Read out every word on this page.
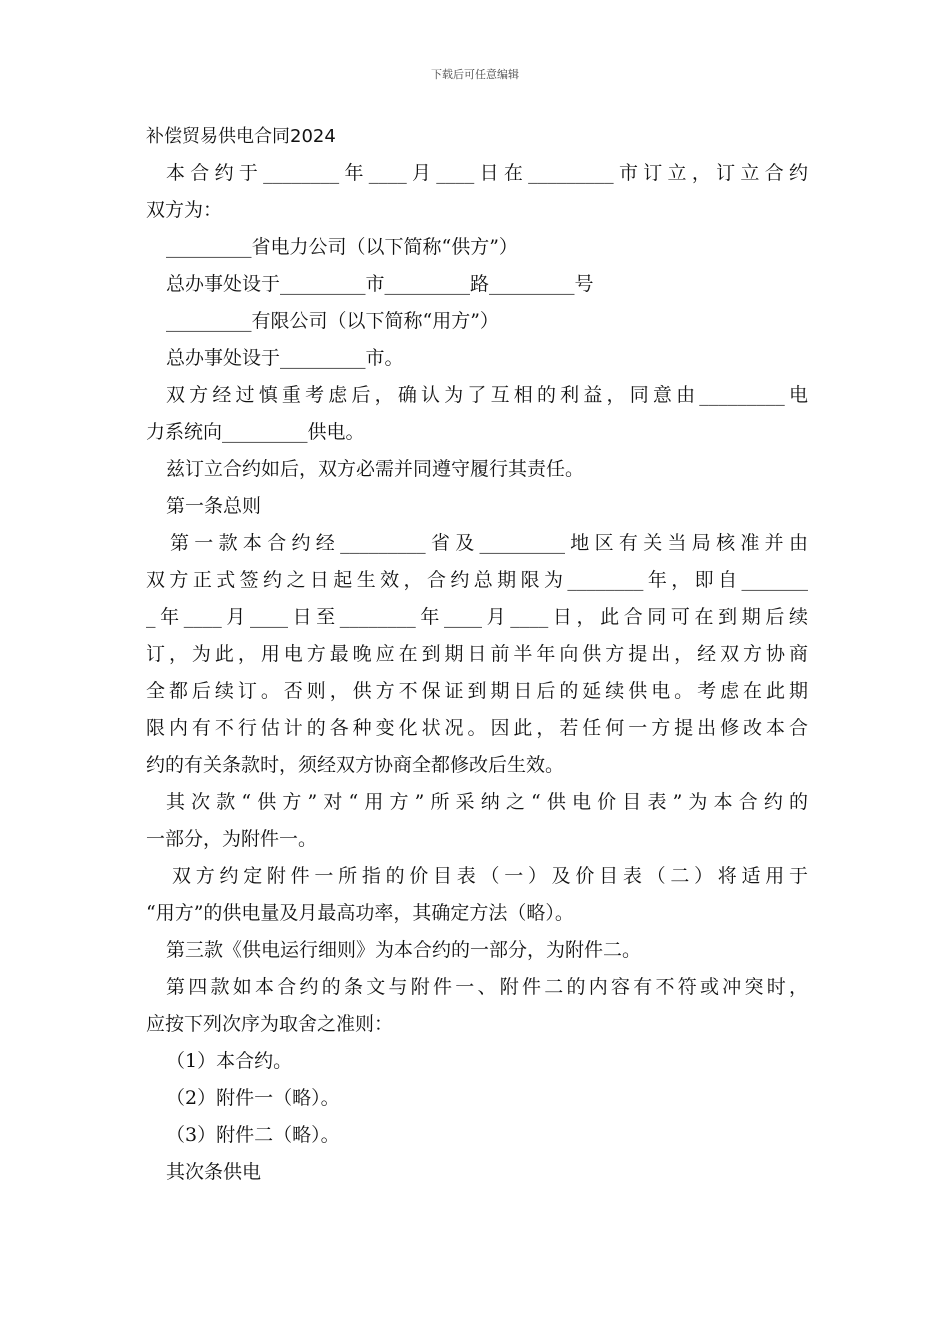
下载后可任意编辑
补偿贸易供电合同2024
本合约于________年____月____日在_________市订立，订立合约
双方为：
_________省电力公司（以下简称“供方”）
总办事处设于_________市_________路_________号
_________有限公司（以下简称“用方”）
总办事处设于_________市。
双方经过慎重考虑后，确认为了互相的利益，同意由_________电
力系统向_________供电。
兹订立合约如后，双方必需并同遵守履行其责任。
第一条总则
第一款本合约经_________省及_________地区有关当局核准并由
双方正式签约之日起生效，合约总期限为________年，即自_______
_年____月____日至________年____月____日，此合同可在到期后续
订，为此，用电方最晚应在到期日前半年向供方提出，经双方协商
全都后续订。否则，供方不保证到期日后的延续供电。考虑在此期
限内有不行估计的各种变化状况。因此，若任何一方提出修改本合
约的有关条款时，须经双方协商全都修改后生效。
其次款“供方”对“用方”所采纳之“供电价目表”为本合约的
一部分，为附件一。
双方约定附件一所指的价目表（一）及价目表（二）将适用于
“用方”的供电量及月最高功率，其确定方法（略）。
第三款《供电运行细则》为本合约的一部分，为附件二。
第四款如本合约的条文与附件一、附件二的内容有不符或冲突时，
应按下列次序为取舍之准则：
（1）本合约。
（2）附件一（略）。
（3）附件二（略）。
其次条供电
